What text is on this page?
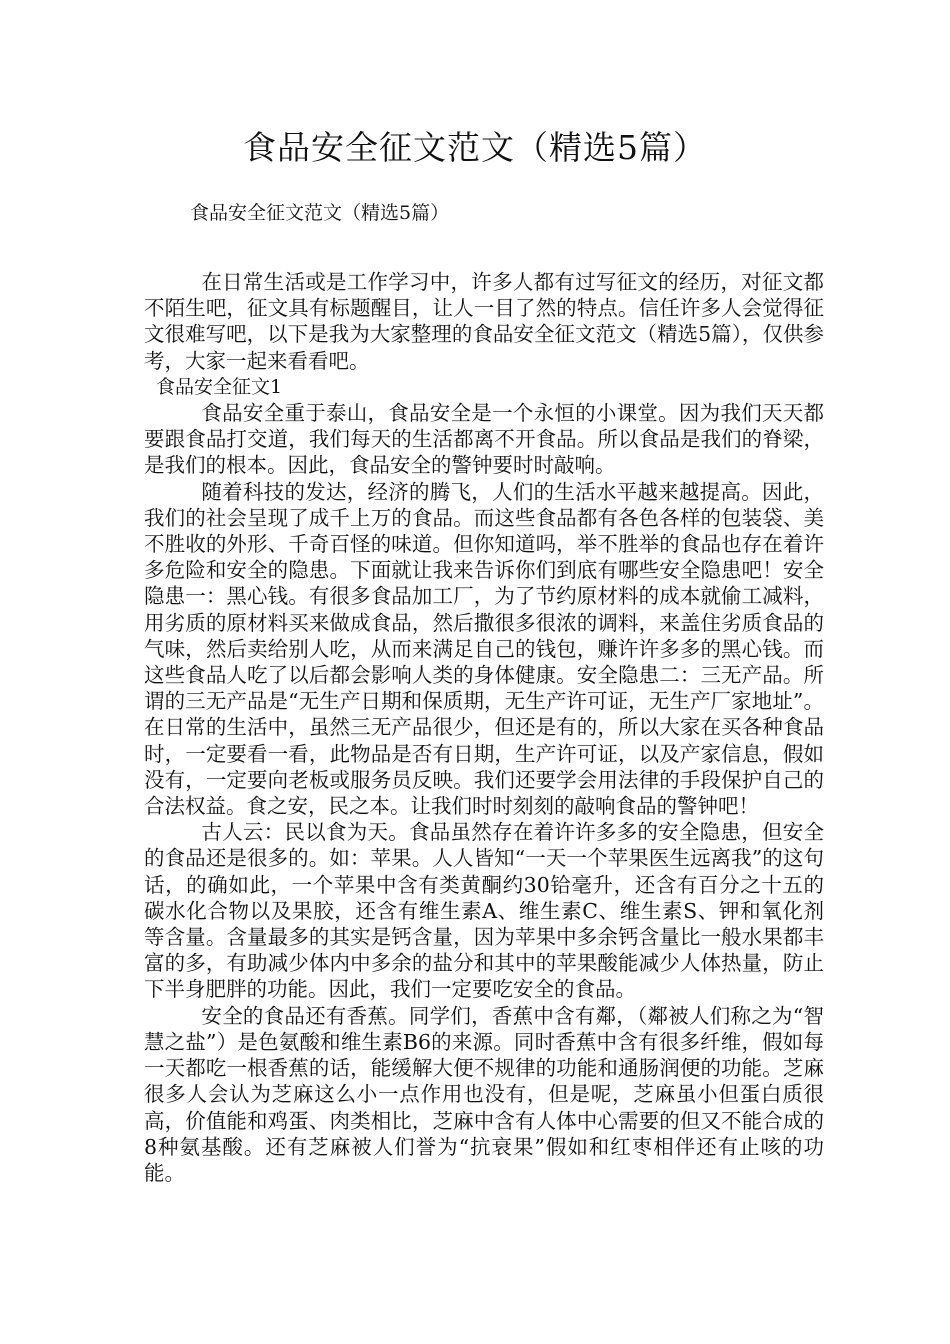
食品安全征文范文（精选5篇）

食品安全征文范文（精选5篇）

在日常生活或是工作学习中，许多人都有过写征文的经历，对征文都不陌生吧，征文具有标题醒目，让人一目了然的特点。信任许多人会觉得征文很难写吧，以下是我为大家整理的食品安全征文范文（精选5篇），仅供参考，大家一起来看看吧。

食品安全征文1

食品安全重于泰山，食品安全是一个永恒的小课堂。因为我们天天都要跟食品打交道，我们每天的生活都离不开食品。所以食品是我们的脊梁，是我们的根本。因此，食品安全的警钟要时时敲响。

随着科技的发达，经济的腾飞，人们的生活水平越来越提高。因此，我们的社会呈现了成千上万的食品。而这些食品都有各色各样的包装袋、美不胜收的外形、千奇百怪的味道。但你知道吗，举不胜举的食品也存在着许多危险和安全的隐患。下面就让我来告诉你们到底有哪些安全隐患吧！安全隐患一：黑心钱。有很多食品加工厂，为了节约原材料的成本就偷工减料，用劣质的原材料买来做成食品，然后撒很多很浓的调料，来盖住劣质食品的气味，然后卖给别人吃，从而来满足自己的钱包，赚许许多多的黑心钱。而这些食品人吃了以后都会影响人类的身体健康。安全隐患二：三无产品。所谓的三无产品是“无生产日期和保质期，无生产许可证，无生产厂家地址”。在日常的生活中，虽然三无产品很少，但还是有的，所以大家在买各种食品时，一定要看一看，此物品是否有日期，生产许可证，以及产家信息，假如没有，一定要向老板或服务员反映。我们还要学会用法律的手段保护自己的合法权益。食之安，民之本。让我们时时刻刻的敲响食品的警钟吧！

古人云：民以食为天。食品虽然存在着许许多多的安全隐患，但安全的食品还是很多的。如：苹果。人人皆知“一天一个苹果医生远离我”的这句话，的确如此，一个苹果中含有类黄酮约30铪毫升，还含有百分之十五的碳水化合物以及果胶，还含有维生素A、维生素C、维生素S、钾和氧化剂等含量。含量最多的其实是钙含量，因为苹果中多余钙含量比一般水果都丰富的多，有助减少体内中多余的盐分和其中的苹果酸能减少人体热量，防止下半身肥胖的功能。因此，我们一定要吃安全的食品。

安全的食品还有香蕉。同学们，香蕉中含有鄰，（鄰被人们称之为“智慧之盐”）是色氨酸和维生素B6的来源。同时香蕉中含有很多纤维，假如每一天都吃一根香蕉的话，能缓解大便不规律的功能和通肠润便的功能。芝麻很多人会认为芝麻这么小一点作用也没有，但是呢，芝麻虽小但蛋白质很高，价值能和鸡蛋、肉类相比，芝麻中含有人体中心需要的但又不能合成的8种氨基酸。还有芝麻被人们誉为“抗衰果”假如和红枣相伴还有止咳的功能。
